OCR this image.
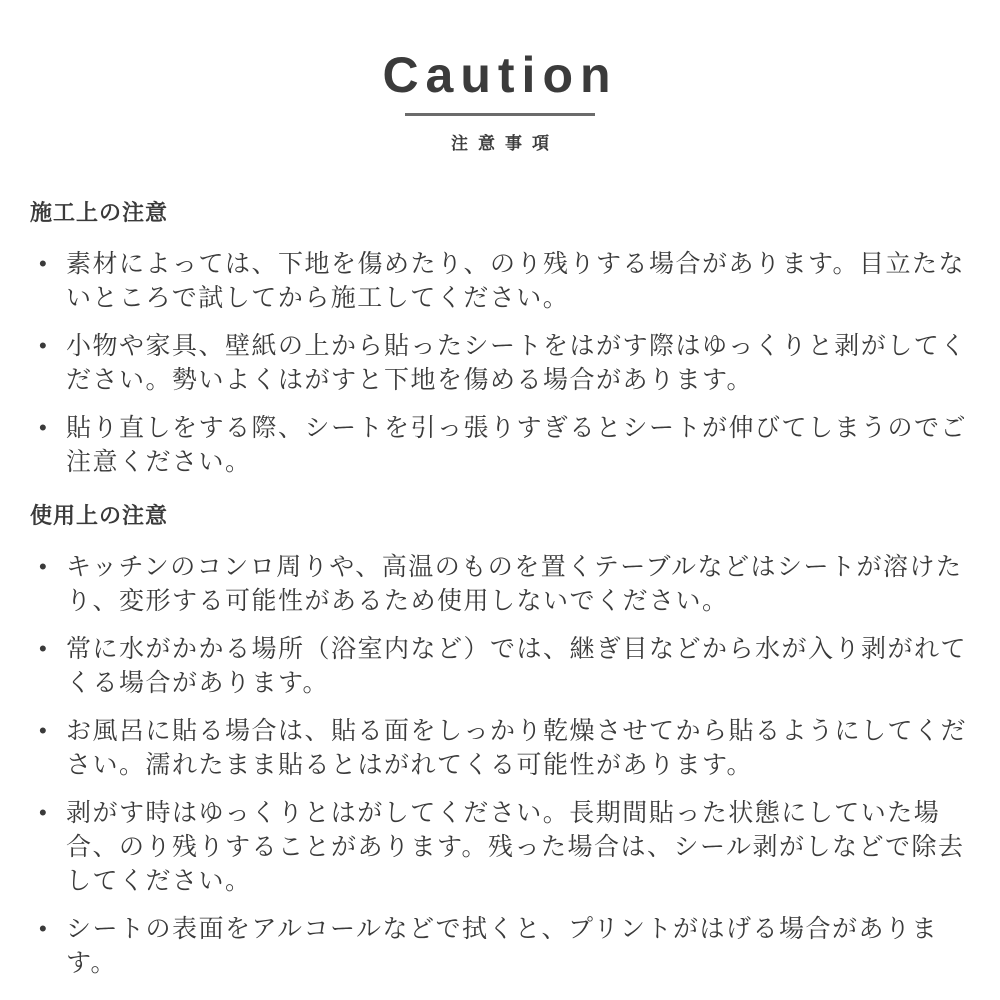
Caution
注意事項
施工上の注意
• 素材によっては、下地を傷めたり、のり残りする場合があります。目立たないところで試してから施工してください。
• 小物や家具、壁紙の上から貼ったシートをはがす際はゆっくりと剥がしてください。勢いよくはがすと下地を傷める場合があります。
• 貼り直しをする際、シートを引っ張りすぎるとシートが伸びてしまうのでご注意ください。
使用上の注意
• キッチンのコンロ周りや、高温のものを置くテーブルなどはシートが溶けたり、変形する可能性があるため使用しないでください。
• 常に水がかかる場所（浴室内など）では、継ぎ目などから水が入り剥がれてくる場合があります。
• お風呂に貼る場合は、貼る面をしっかり乾燥させてから貼るようにしてください。濡れたまま貼るとはがれてくる可能性があります。
• 剥がす時はゆっくりとはがしてください。長期間貼った状態にしていた場合、のり残りすることがあります。残った場合は、シール剥がしなどで除去してください。
• シートの表面をアルコールなどで拭くと、プリントがはげる場合があります。
